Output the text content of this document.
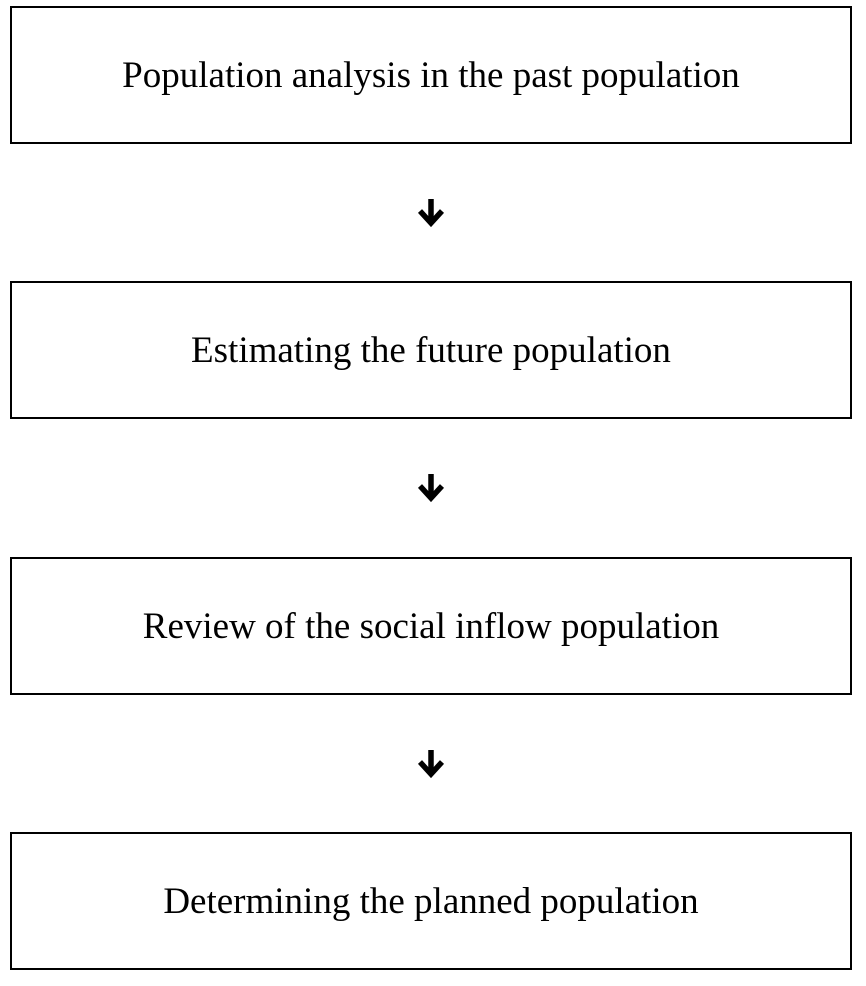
Population analysis in the past population
Estimating the future population
Review of the social inflow population
Determining the planned population
